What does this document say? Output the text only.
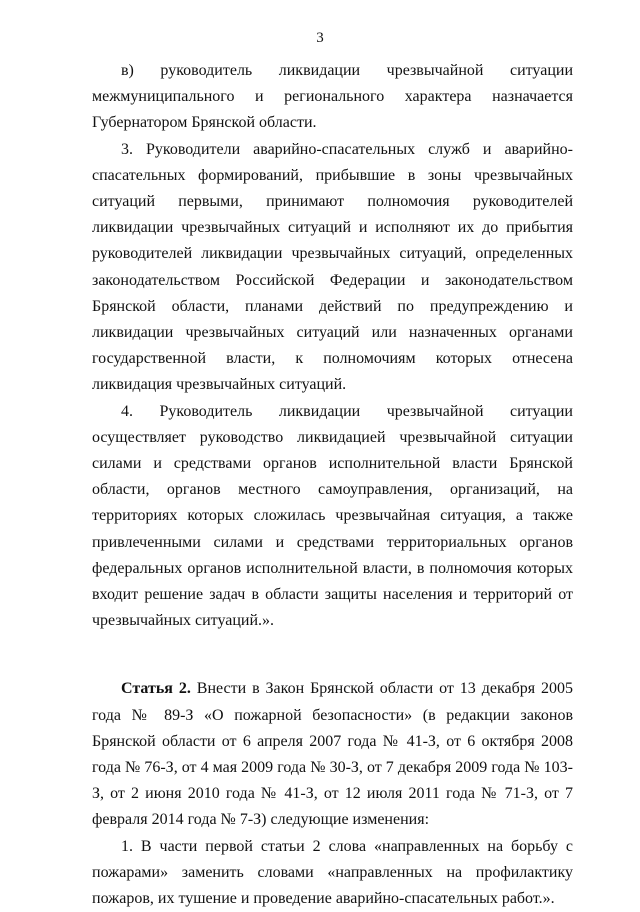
3

в) руководитель ликвидации чрезвычайной ситуации межмуниципального и регионального характера назначается Губернатором Брянской области.

3. Руководители аварийно-спасательных служб и аварийно-спасательных формирований, прибывшие в зоны чрезвычайных ситуаций первыми, принимают полномочия руководителей ликвидации чрезвычайных ситуаций и исполняют их до прибытия руководителей ликвидации чрезвычайных ситуаций, определенных законодательством Российской Федерации и законодательством Брянской области, планами действий по предупреждению и ликвидации чрезвычайных ситуаций или назначенных органами государственной власти, к полномочиям которых отнесена ликвидация чрезвычайных ситуаций.

4. Руководитель ликвидации чрезвычайной ситуации осуществляет руководство ликвидацией чрезвычайной ситуации силами и средствами органов исполнительной власти Брянской области, органов местного самоуправления, организаций, на территориях которых сложилась чрезвычайная ситуация, а также привлеченными силами и средствами территориальных органов федеральных органов исполнительной власти, в полномочия которых входит решение задач в области защиты населения и территорий от чрезвычайных ситуаций.».

Статья 2. Внести в Закон Брянской области от 13 декабря 2005 года № 89-З «О пожарной безопасности» (в редакции законов Брянской области от 6 апреля 2007 года № 41-З, от 6 октября 2008 года № 76-З, от 4 мая 2009 года № 30-З, от 7 декабря 2009 года № 103-З, от 2 июня 2010 года № 41-З, от 12 июля 2011 года № 71-З, от 7 февраля 2014 года № 7-З) следующие изменения:

1. В части первой статьи 2 слова «направленных на борьбу с пожарами» заменить словами «направленных на профилактику пожаров, их тушение и проведение аварийно-спасательных работ.».
